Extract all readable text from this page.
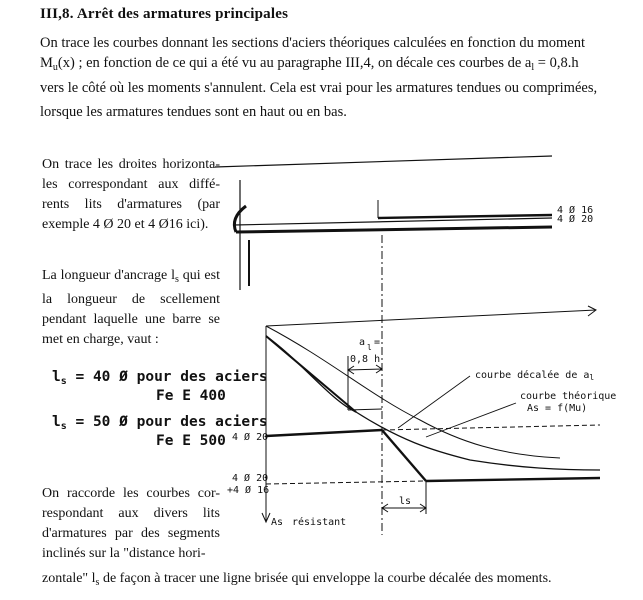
III,8. Arrêt des armatures principales
On trace les courbes donnant les sections d'aciers théoriques calculées en fonction du moment
$M_u(x)$ ; en fonction de ce qui a été vu au paragraphe III,4, on décale ces courbes de $a_l = 0,8.h$
vers le côté où les moments s'annulent. Cela est vrai pour les armatures tendues ou comprimées,
lorsque les armatures tendues sont en haut ou en bas.
On trace les droites horizonta-les correspondant aux diffé-rents lits d'armatures (par exemple 4 Ø 20 et 4 Ø16 ici).
La longueur d'ancrage $l_s$ qui est la longueur de scellement pendant laquelle une barre se met en charge, vaut :
$l_s = 40$ Ø pour des aciers
Fe E 400
$l_s = 50$ Ø pour des aciers
Fe E 500
On raccorde les courbes cor-respondant aux divers lits d'armatures par des segments inclinés sur la "distance hori-
zontale" $l_s$ de façon à tracer une ligne brisée qui enveloppe la courbe décalée des moments.
4 Ø 16
4 Ø 20
As résistant
4 Ø 20
4 Ø 20
+4 Ø 16
a l =
0,8 h
courbe décalée de $a_l$
courbe théorique
As = f(Mu)
ls
